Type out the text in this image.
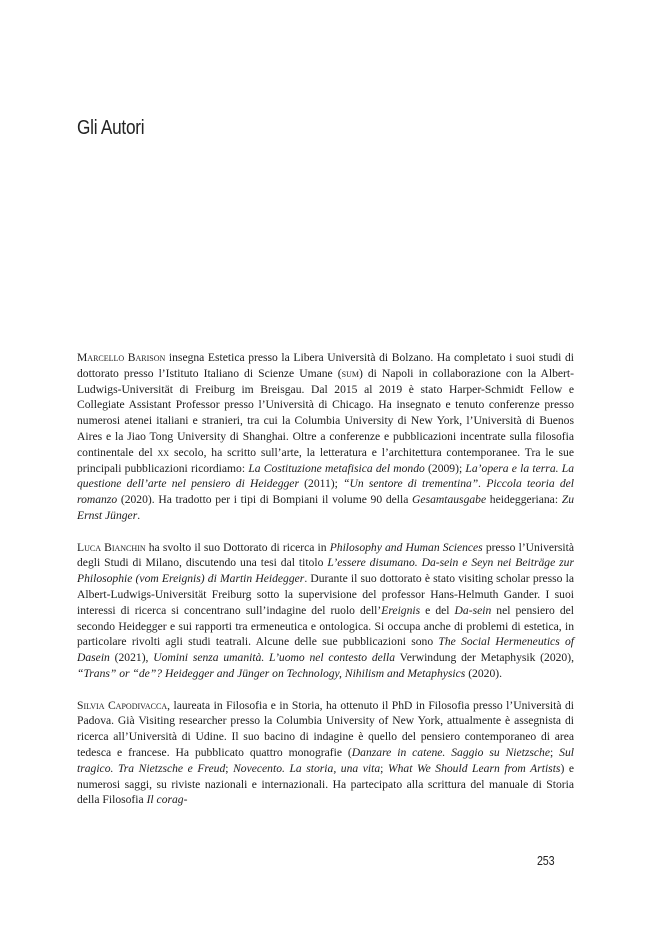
Gli Autori

Marcello Barison insegna Estetica presso la Libera Università di Bolzano. Ha completato i suoi studi di dottorato presso l’Istituto Italiano di Scienze Umane (sum) di Napoli in collaborazione con la Albert-Ludwigs-Universität di Freiburg im Breisgau. Dal 2015 al 2019 è stato Harper-Schmidt Fellow e Collegiate Assistant Professor presso l’Università di Chicago. Ha insegnato e tenuto conferenze presso numerosi atenei italiani e stranieri, tra cui la Columbia University di New York, l’Università di Buenos Aires e la Jiao Tong University di Shanghai. Oltre a conferenze e pubblicazioni incentrate sulla filosofia continentale del xx secolo, ha scritto sull’arte, la letteratura e l’architettura contemporanee. Tra le sue principali pubblicazioni ricordiamo: La Costituzione metafisica del mondo (2009); La’opera e la terra. La questione dell’arte nel pensiero di Heidegger (2011); “Un sentore di trementina”. Piccola teoria del romanzo (2020). Ha tradotto per i tipi di Bompiani il volume 90 della Gesamtausgabe heideggeriana: Zu Ernst Jünger.

Luca Bianchin ha svolto il suo Dottorato di ricerca in Philosophy and Human Sciences presso l’Università degli Studi di Milano, discutendo una tesi dal titolo L’essere disumano. Da-sein e Seyn nei Beiträge zur Philosophie (vom Ereignis) di Martin Heidegger. Durante il suo dottorato è stato visiting scholar presso la Albert-Ludwigs-Universität Freiburg sotto la supervisione del professor Hans-Helmuth Gander. I suoi interessi di ricerca si concentrano sull’indagine del ruolo dell’Ereignis e del Da-sein nel pensiero del secondo Heidegger e sui rapporti tra ermeneutica e ontologica. Si occupa anche di problemi di estetica, in particolare rivolti agli studi teatrali. Alcune delle sue pubblicazioni sono The Social Hermeneutics of Dasein (2021), Uomini senza umanità. L’uomo nel contesto della Verwindung der Metaphysik (2020), “Trans” or “de”? Heidegger and Jünger on Technology, Nihilism and Metaphysics (2020).

Silvia Capodivacca, laureata in Filosofia e in Storia, ha ottenuto il PhD in Filosofia presso l’Università di Padova. Già Visiting researcher presso la Columbia University of New York, attualmente è assegnista di ricerca all’Università di Udine. Il suo bacino di indagine è quello del pensiero contemporaneo di area tedesca e francese. Ha pubblicato quattro monografie (Danzare in catene. Saggio su Nietzsche; Sul tragico. Tra Nietzsche e Freud; Novecento. La storia, una vita; What We Should Learn from Artists) e numerosi saggi, su riviste nazionali e internazionali. Ha partecipato alla scrittura del manuale di Storia della Filosofia Il corag-

253
